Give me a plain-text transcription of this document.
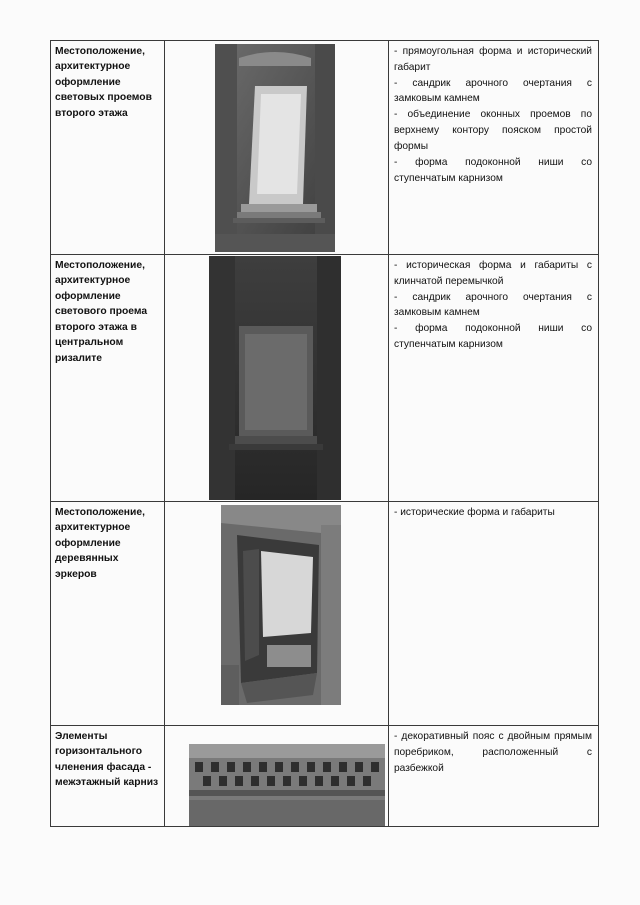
Местоположение, архитектурное оформление световых проемов второго этажа		- прямоугольная форма и исторический габарит

- сандрик арочного очертания с замковым камнем

- объединение оконных проемов по верхнему контору пояском простой формы

- форма подоконной ниши со ступенчатым карнизом

Местоположение, архитектурное оформление светового проема второго этажа в центральном ризалите		- историческая форма и габариты с клинчатой перемычкой

- сандрик арочного очертания с замковым камнем

- форма подоконной ниши со ступенчатым карнизом

Местоположение, архитектурное оформление деревянных эркеров		- исторические форма и габариты

Элементы горизонтального членения фасада - межэтажный карниз		- декоративный пояс с двойным прямым поребриком, расположенный с разбежкой
